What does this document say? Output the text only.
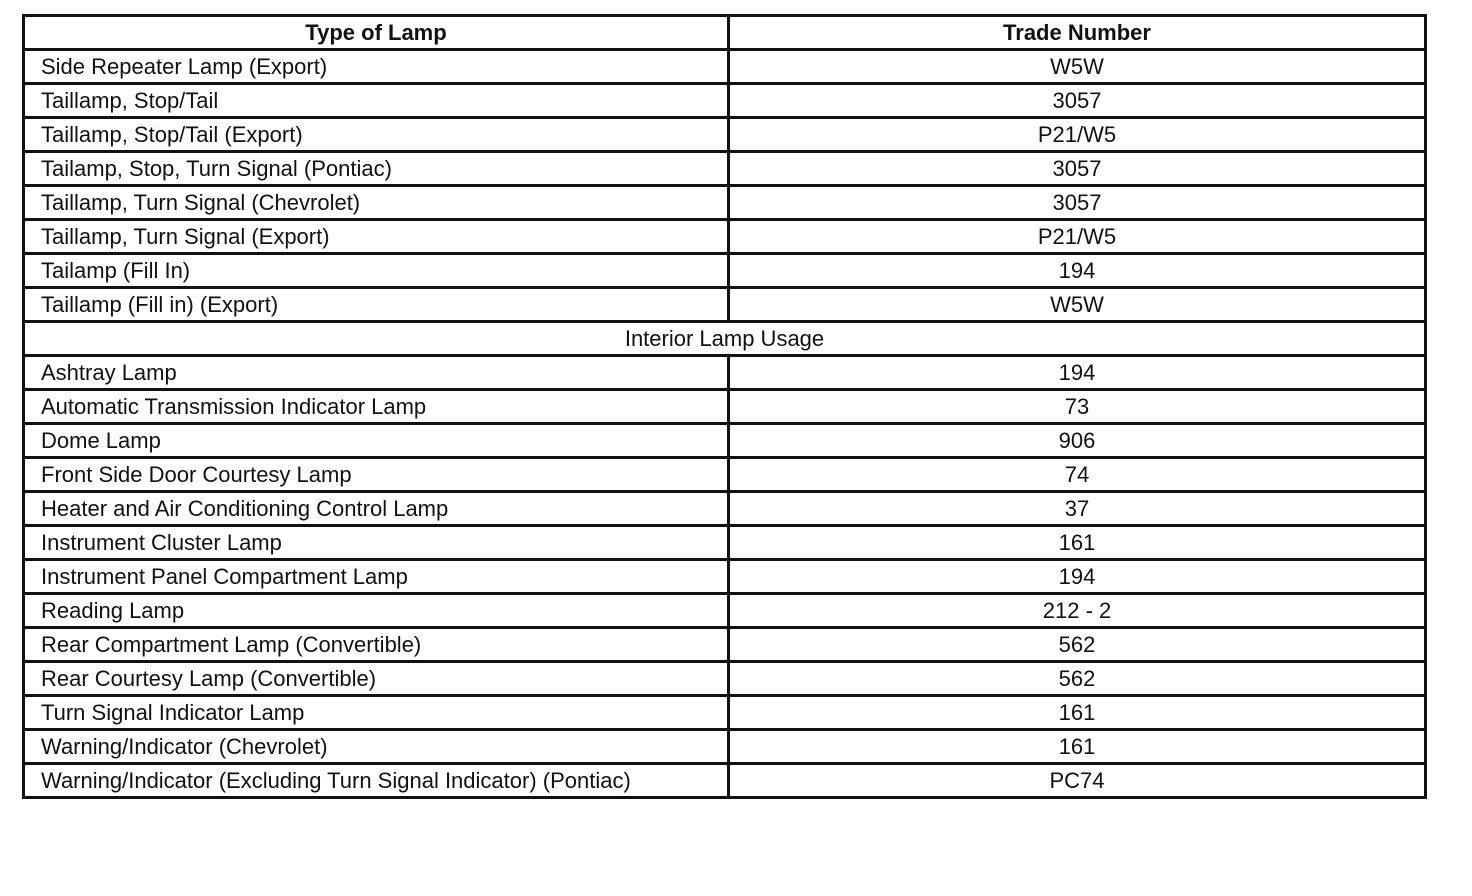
Type of Lamp	Trade Number
Side Repeater Lamp (Export)	W5W
Taillamp, Stop/Tail	3057
Taillamp, Stop/Tail (Export)	P21/W5
Tailamp, Stop, Turn Signal (Pontiac)	3057
Taillamp, Turn Signal (Chevrolet)	3057
Taillamp, Turn Signal (Export)	P21/W5
Tailamp (Fill In)	194
Taillamp (Fill in) (Export)	W5W
Interior Lamp Usage	
Ashtray Lamp	194
Automatic Transmission Indicator Lamp	73
Dome Lamp	906
Front Side Door Courtesy Lamp	74
Heater and Air Conditioning Control Lamp	37
Instrument Cluster Lamp	161
Instrument Panel Compartment Lamp	194
Reading Lamp	212 - 2
Rear Compartment Lamp (Convertible)	562
Rear Courtesy Lamp (Convertible)	562
Turn Signal Indicator Lamp	161
Warning/Indicator (Chevrolet)	161
Warning/Indicator (Excluding Turn Signal Indicator) (Pontiac)	PC74
